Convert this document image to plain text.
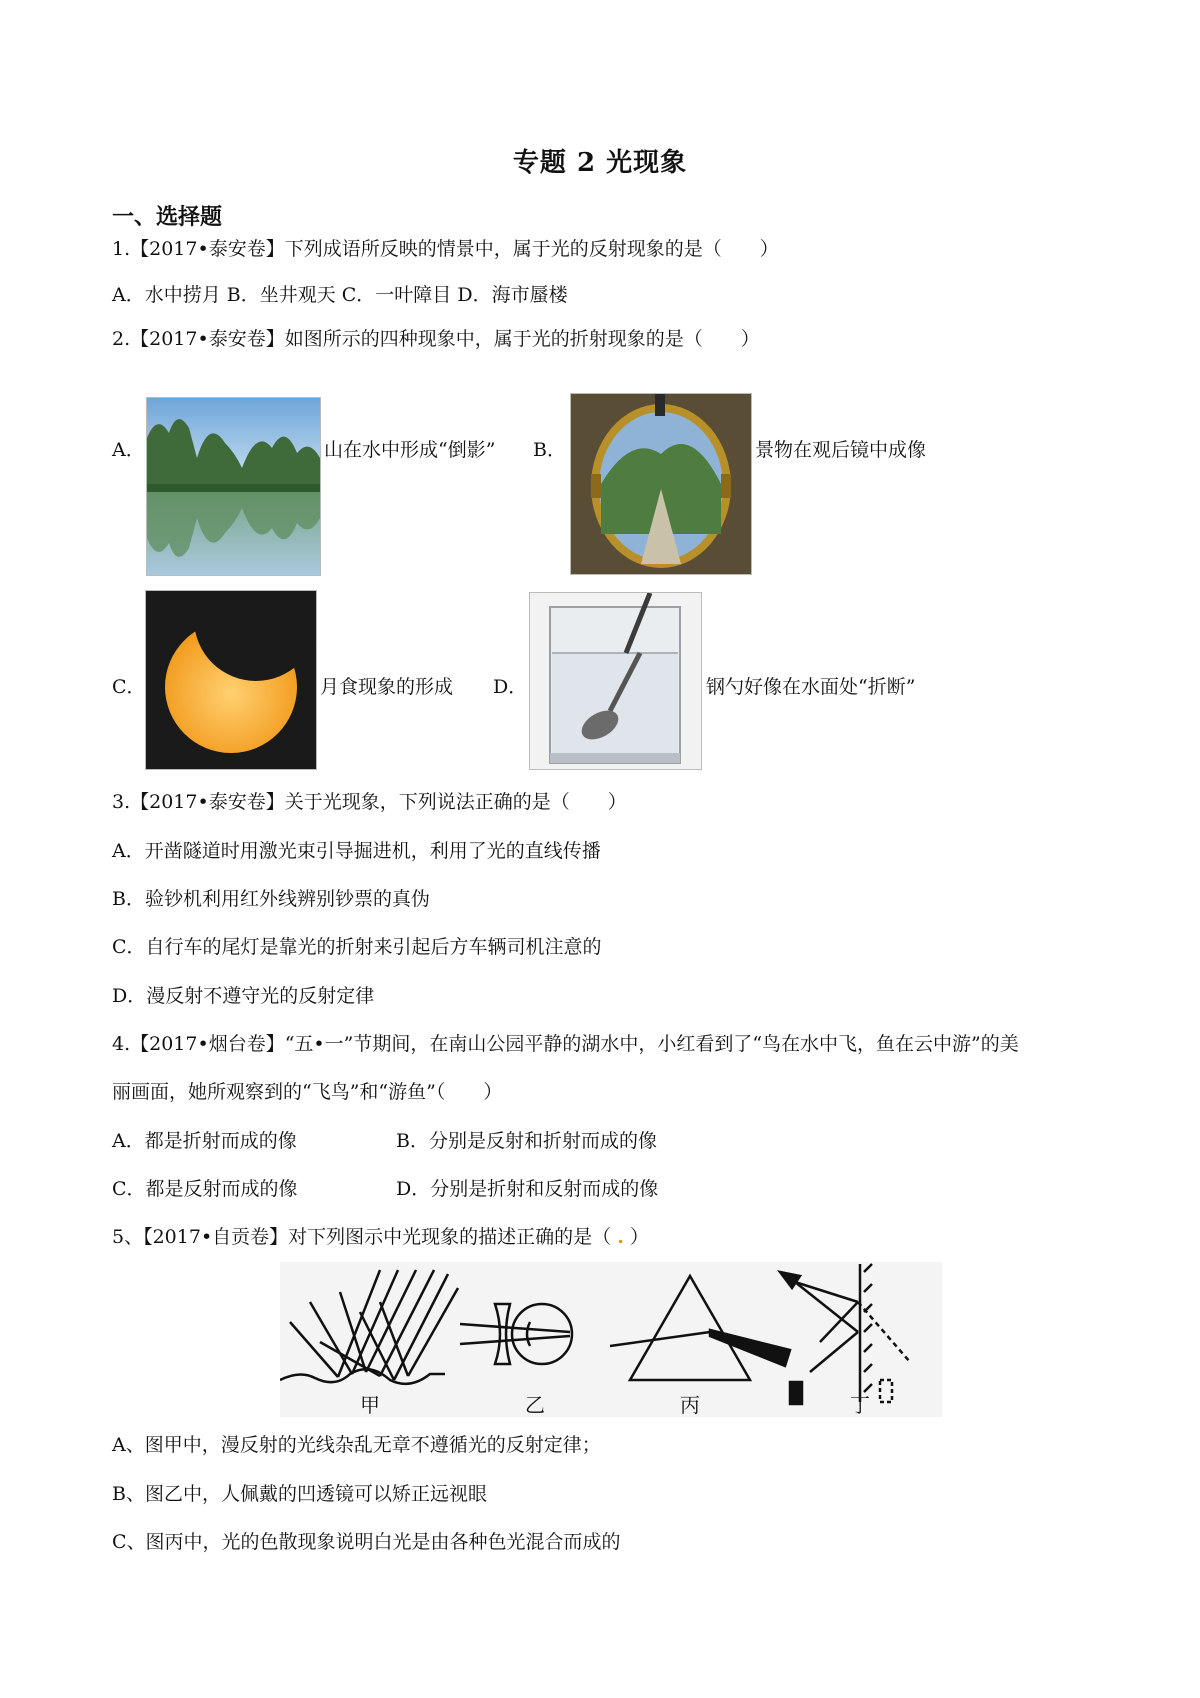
专题 2 光现象
一、选择题
1.【2017•泰安卷】下列成语所反映的情景中，属于光的反射现象的是（　　）
A．水中捞月 B．坐井观天 C．一叶障目 D．海市蜃楼
2.【2017•泰安卷】如图所示的四种现象中，属于光的折射现象的是（　　）
A．	山在水中形成“倒影” B．	景物在观后镜中成像
C．	月食现象的形成 D．	钢勺好像在水面处“折断”
3.【2017•泰安卷】关于光现象，下列说法正确的是（　　）
A．开凿隧道时用激光束引导掘进机，利用了光的直线传播
B．验钞机利用红外线辨别钞票的真伪
C．自行车的尾灯是靠光的折射来引起后方车辆司机注意的
D．漫反射不遵守光的反射定律
4.【2017•烟台卷】“五•一”节期间，在南山公园平静的湖水中，小红看到了“鸟在水中飞，鱼在云中游”的美
丽画面，她所观察到的“飞鸟”和“游鱼”（　　）
A．都是折射而成的像	B．分别是反射和折射而成的像
C．都是反射而成的像	D．分别是折射和反射而成的像
5、【2017•自贡卷】对下列图示中光现象的描述正确的是（ . ）
甲	乙	丙	丁
A、图甲中，漫反射的光线杂乱无章不遵循光的反射定律；
B、图乙中，人佩戴的凹透镜可以矫正远视眼
C、图丙中，光的色散现象说明白光是由各种色光混合而成的
